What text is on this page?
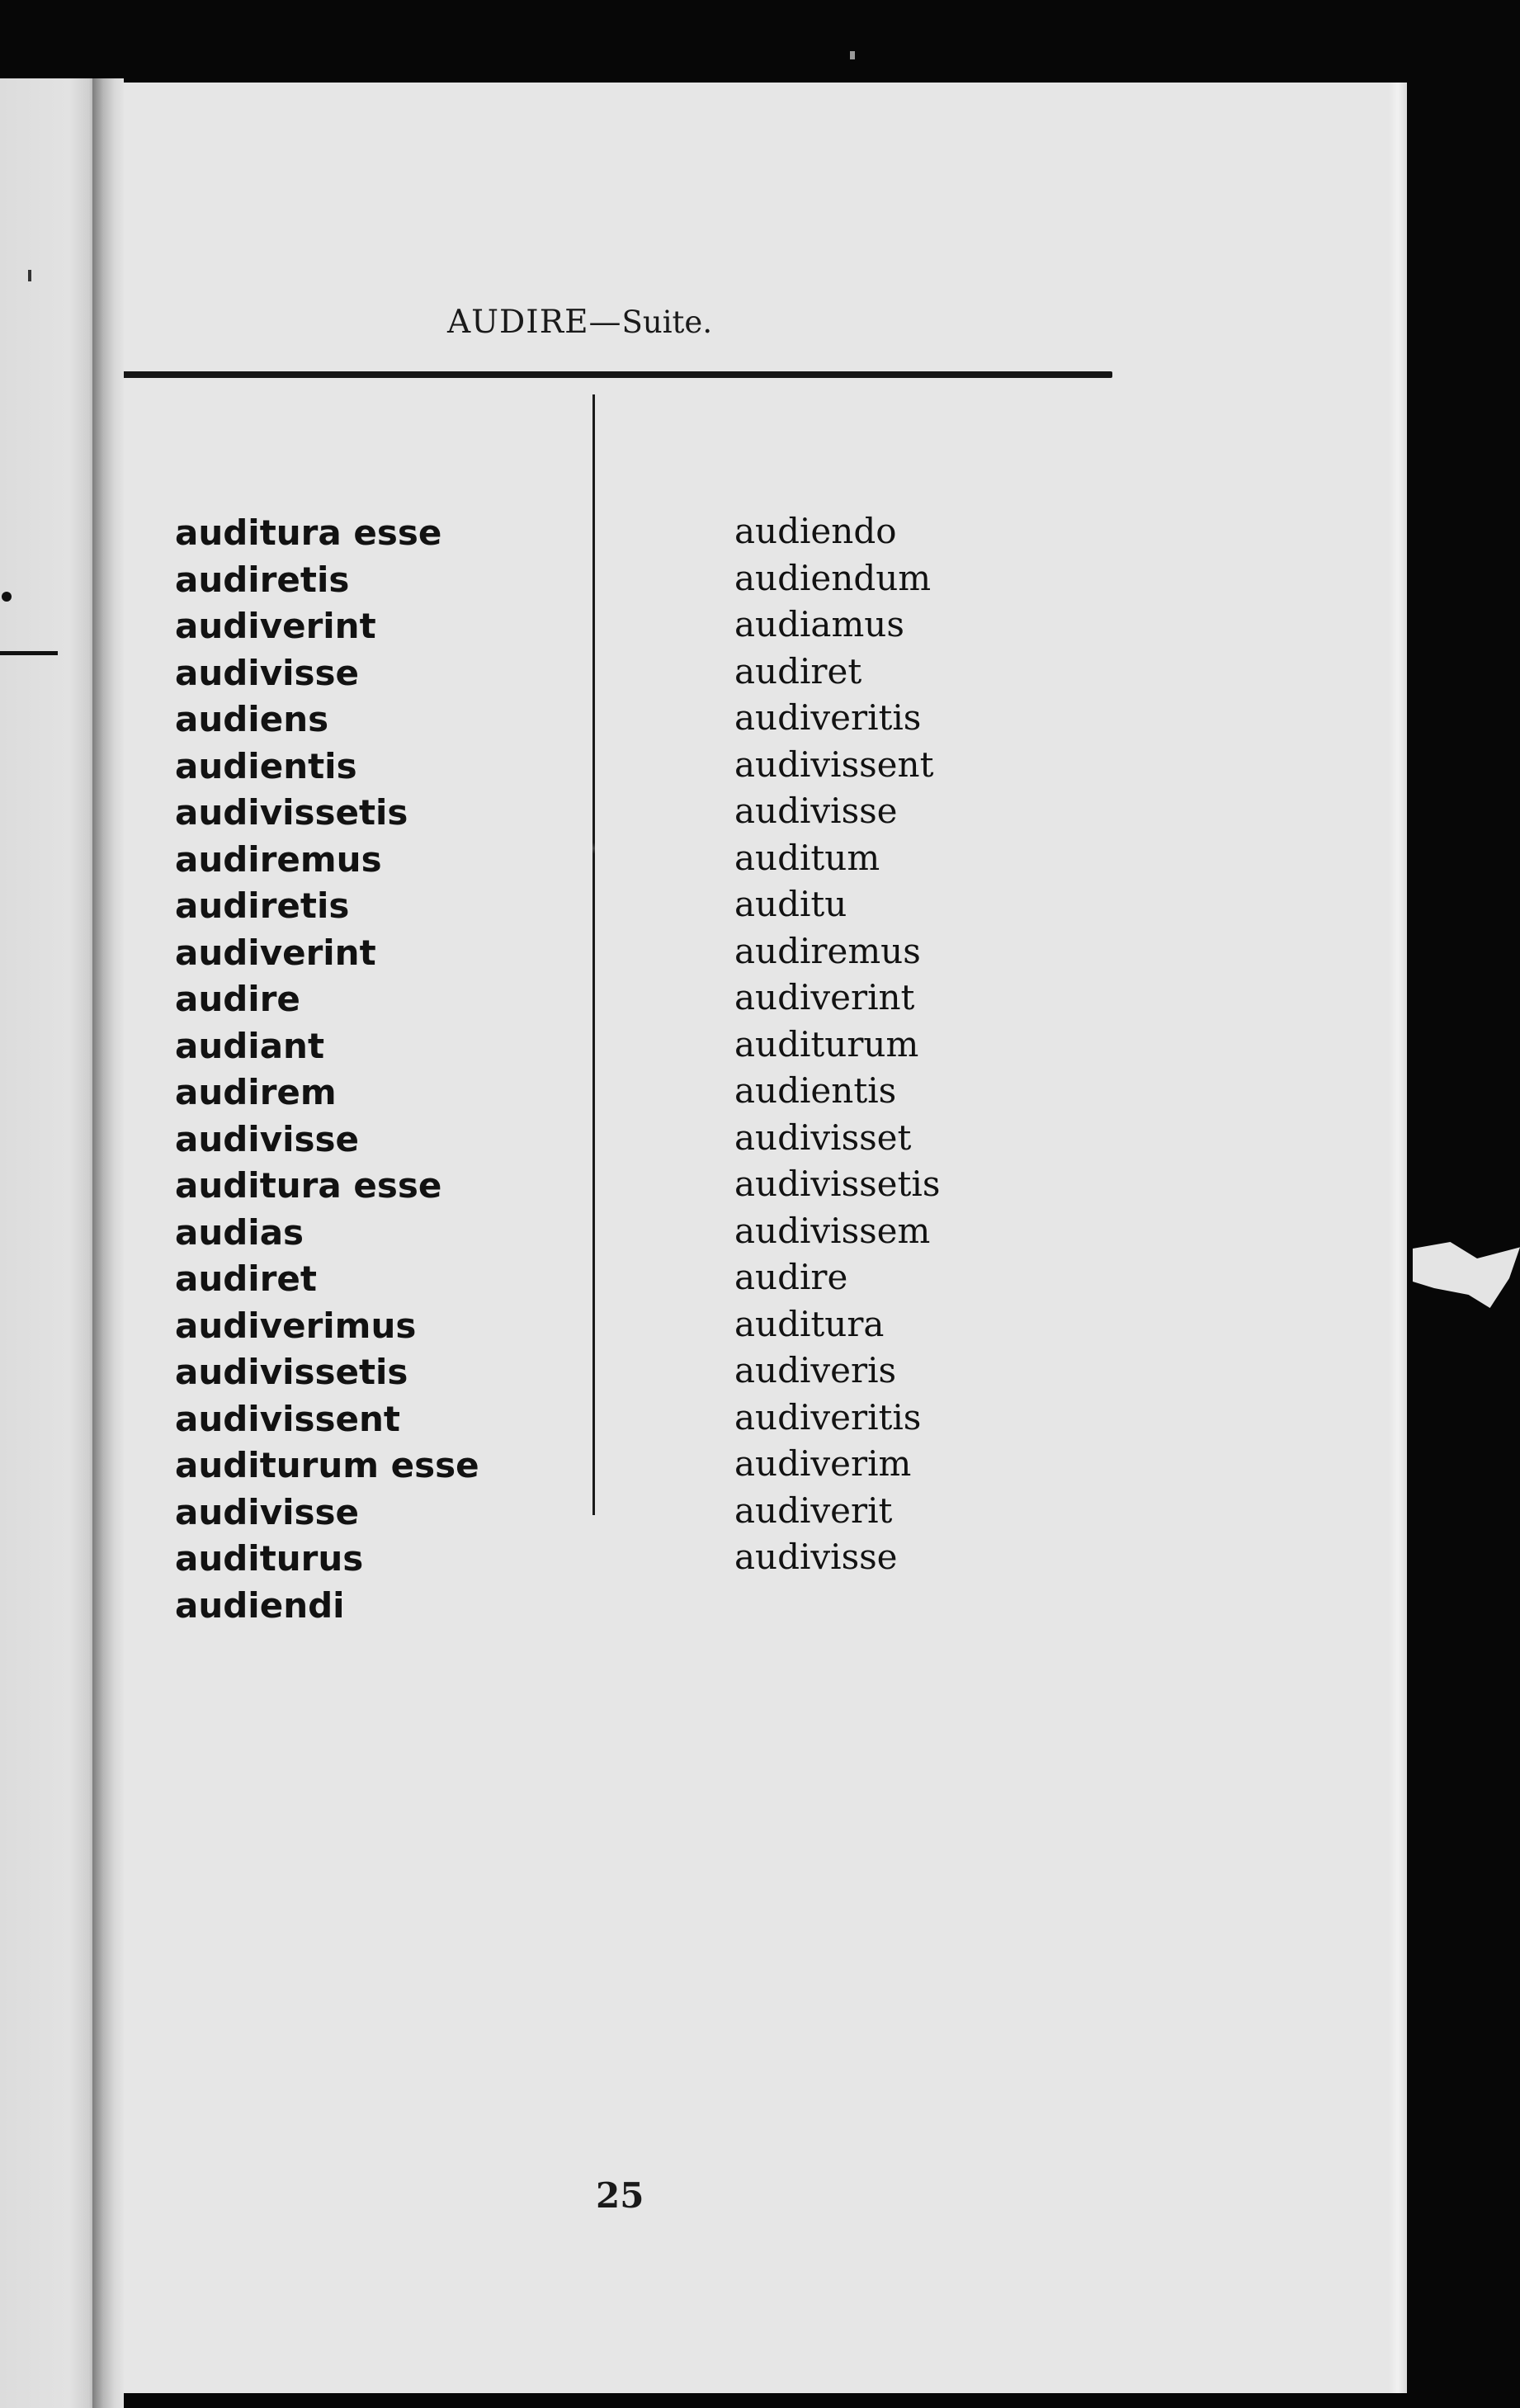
AUDIRE—Suite.
auditura esse
audiretis
audiverint
audivisse
audiens
audientis
audivissetis
audiremus
audiretis
audiverint
audire
audiant
audirem
audivisse
auditura esse
audias
audiret
audiverimus
audivissetis
audivissent
auditurum esse
audivisse
auditurus
audiendi
audiendo
audiendum
audiamus
audiret
audiveritis
audivissent
audivisse
auditum
auditu
audiremus
audiverint
auditurum
audientis
audivisset
audivissetis
audivissem
audire
auditura
audiveris
audiveritis
audiverim
audiverit
audivisse
25
